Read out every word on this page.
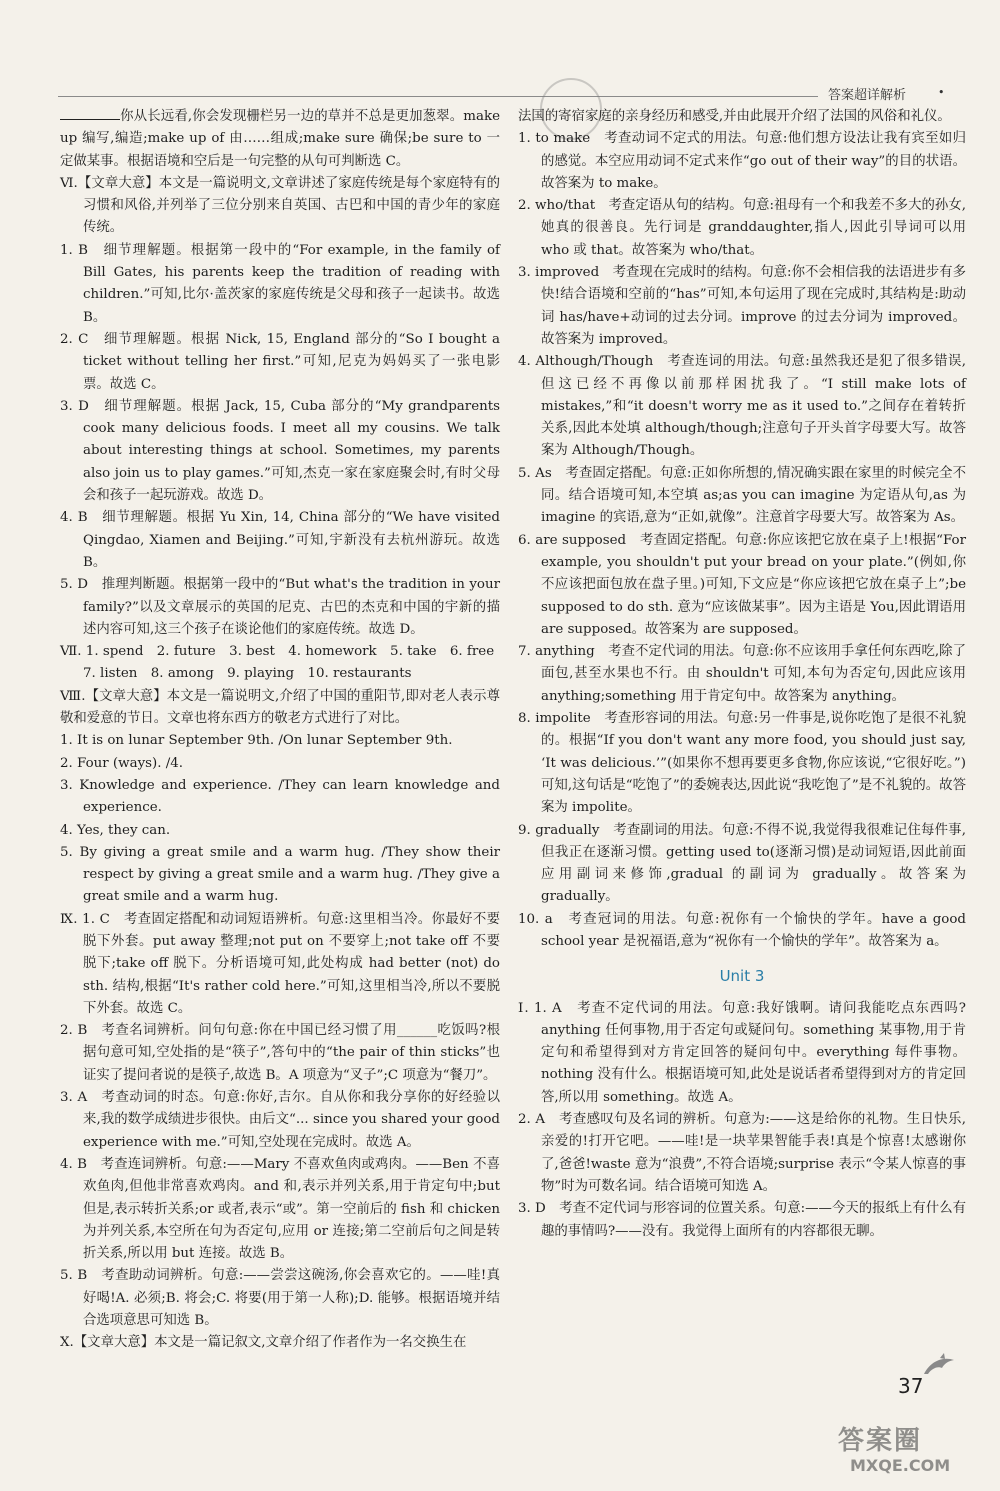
答案超详解析	•

你从长远看,你会发现栅栏另一边的草并不总是更加葱翠。make up 编写,编造;make up of 由……组成;make sure 确保;be sure to 一定做某事。根据语境和空后是一句完整的从句可判断选 C。

Ⅵ.【文章大意】本文是一篇说明文,文章讲述了家庭传统是每个家庭特有的习惯和风俗,并列举了三位分别来自英国、古巴和中国的青少年的家庭传统。

1. B　细节理解题。根据第一段中的“For example, in the family of Bill Gates, his parents keep the tradition of reading with children.”可知,比尔·盖茨家的家庭传统是父母和孩子一起读书。故选 B。

2. C　细节理解题。根据 Nick, 15, England 部分的“So I bought a ticket without telling her first.”可知,尼克为妈妈买了一张电影票。故选 C。

3. D　细节理解题。根据 Jack, 15, Cuba 部分的“My grandparents cook many delicious foods. I meet all my cousins. We talk about interesting things at school. Sometimes, my parents also join us to play games.”可知,杰克一家在家庭聚会时,有时父母会和孩子一起玩游戏。故选 D。

4. B　细节理解题。根据 Yu Xin, 14, China 部分的“We have visited Qingdao, Xiamen and Beijing.”可知,宇新没有去杭州游玩。故选 B。

5. D　推理判断题。根据第一段中的“But what's the tradition in your family?”以及文章展示的英国的尼克、古巴的杰克和中国的宇新的描述内容可知,这三个孩子在谈论他们的家庭传统。故选 D。

Ⅶ. 1. spend　2. future　3. best　4. homework　5. take　6. free

7. listen　8. among　9. playing　10. restaurants

Ⅷ.【文章大意】本文是一篇说明文,介绍了中国的重阳节,即对老人表示尊敬和爱意的节日。文章也将东西方的敬老方式进行了对比。

1. It is on lunar September 9th. /On lunar September 9th.

2. Four (ways). /4.

3. Knowledge and experience. /They can learn knowledge and experience.

4. Yes, they can.

5. By giving a great smile and a warm hug. /They show their respect by giving a great smile and a warm hug. /They give a great smile and a warm hug.

Ⅸ. 1. C　考查固定搭配和动词短语辨析。句意:这里相当冷。你最好不要脱下外套。put away 整理;not put on 不要穿上;not take off 不要脱下;take off 脱下。分析语境可知,此处构成 had better (not) do sth. 结构,根据“It's rather cold here.”可知,这里相当冷,所以不要脱下外套。故选 C。

2. B　考查名词辨析。问句句意:你在中国已经习惯了用______吃饭吗?根据句意可知,空处指的是“筷子”,答句中的“the pair of thin sticks”也证实了提问者说的是筷子,故选 B。A 项意为“叉子”;C 项意为“餐刀”。

3. A　考查动词的时态。句意:你好,吉尔。自从你和我分享你的好经验以来,我的数学成绩进步很快。由后文“... since you shared your good experience with me.”可知,空处现在完成时。故选 A。

4. B　考查连词辨析。句意:——Mary 不喜欢鱼肉或鸡肉。——Ben 不喜欢鱼肉,但他非常喜欢鸡肉。and 和,表示并列关系,用于肯定句中;but 但是,表示转折关系;or 或者,表示“或”。第一空前后的 fish 和 chicken 为并列关系,本空所在句为否定句,应用 or 连接;第二空前后句之间是转折关系,所以用 but 连接。故选 B。

5. B　考查助动词辨析。句意:——尝尝这碗汤,你会喜欢它的。——哇!真好喝!A. 必须;B. 将会;C. 将要(用于第一人称);D. 能够。根据语境并结合选项意思可知选 B。

Ⅹ.【文章大意】本文是一篇记叙文,文章介绍了作者作为一名交换生在

法国的寄宿家庭的亲身经历和感受,并由此展开介绍了法国的风俗和礼仪。

1. to make　考查动词不定式的用法。句意:他们想方设法让我有宾至如归的感觉。本空应用动词不定式来作“go out of their way”的目的状语。故答案为 to make。

2. who/that　考查定语从句的结构。句意:祖母有一个和我差不多大的孙女,她真的很善良。先行词是 granddaughter,指人,因此引导词可以用 who 或 that。故答案为 who/that。

3. improved　考查现在完成时的结构。句意:你不会相信我的法语进步有多快!结合语境和空前的“has”可知,本句运用了现在完成时,其结构是:助动词 has/have+动词的过去分词。improve 的过去分词为 improved。故答案为 improved。

4. Although/Though　考查连词的用法。句意:虽然我还是犯了很多错误,但这已经不再像以前那样困扰我了。“I still make lots of mistakes,”和“it doesn't worry me as it used to.”之间存在着转折关系,因此本处填 although/though;注意句子开头首字母要大写。故答案为 Although/Though。

5. As　考查固定搭配。句意:正如你所想的,情况确实跟在家里的时候完全不同。结合语境可知,本空填 as;as you can imagine 为定语从句,as 为 imagine 的宾语,意为“正如,就像”。注意首字母要大写。故答案为 As。

6. are supposed　考查固定搭配。句意:你应该把它放在桌子上!根据“For example, you shouldn't put your bread on your plate.”(例如,你不应该把面包放在盘子里。)可知,下文应是“你应该把它放在桌子上”;be supposed to do sth. 意为“应该做某事”。因为主语是 You,因此谓语用 are supposed。故答案为 are supposed。

7. anything　考查不定代词的用法。句意:你不应该用手拿任何东西吃,除了面包,甚至水果也不行。由 shouldn't 可知,本句为否定句,因此应该用 anything;something 用于肯定句中。故答案为 anything。

8. impolite　考查形容词的用法。句意:另一件事是,说你吃饱了是很不礼貌的。根据“If you don't want any more food, you should just say, ‘It was delicious.’”(如果你不想再要更多食物,你应该说,“它很好吃。”)可知,这句话是“吃饱了”的委婉表达,因此说“我吃饱了”是不礼貌的。故答案为 impolite。

9. gradually　考查副词的用法。句意:不得不说,我觉得我很难记住每件事,但我正在逐渐习惯。getting used to(逐渐习惯)是动词短语,因此前面应用副词来修饰,gradual 的副词为 gradually。故答案为 gradually。

10. a　考查冠词的用法。句意:祝你有一个愉快的学年。have a good school year 是祝福语,意为“祝你有一个愉快的学年”。故答案为 a。

Unit 3

Ⅰ. 1. A　考查不定代词的用法。句意:我好饿啊。请问我能吃点东西吗?anything 任何事物,用于否定句或疑问句。something 某事物,用于肯定句和希望得到对方肯定回答的疑问句中。everything 每件事物。nothing 没有什么。根据语境可知,此处是说话者希望得到对方的肯定回答,所以用 something。故选 A。

2. A　考查感叹句及名词的辨析。句意为:——这是给你的礼物。生日快乐,亲爱的!打开它吧。——哇!是一块苹果智能手表!真是个惊喜!太感谢你了,爸爸!waste 意为“浪费”,不符合语境;surprise 表示“令某人惊喜的事物”时为可数名词。结合语境可知选 A。

3. D　考查不定代词与形容词的位置关系。句意:——今天的报纸上有什么有趣的事情吗?——没有。我觉得上面所有的内容都很无聊。

37
答案圈
MXQE.COM
